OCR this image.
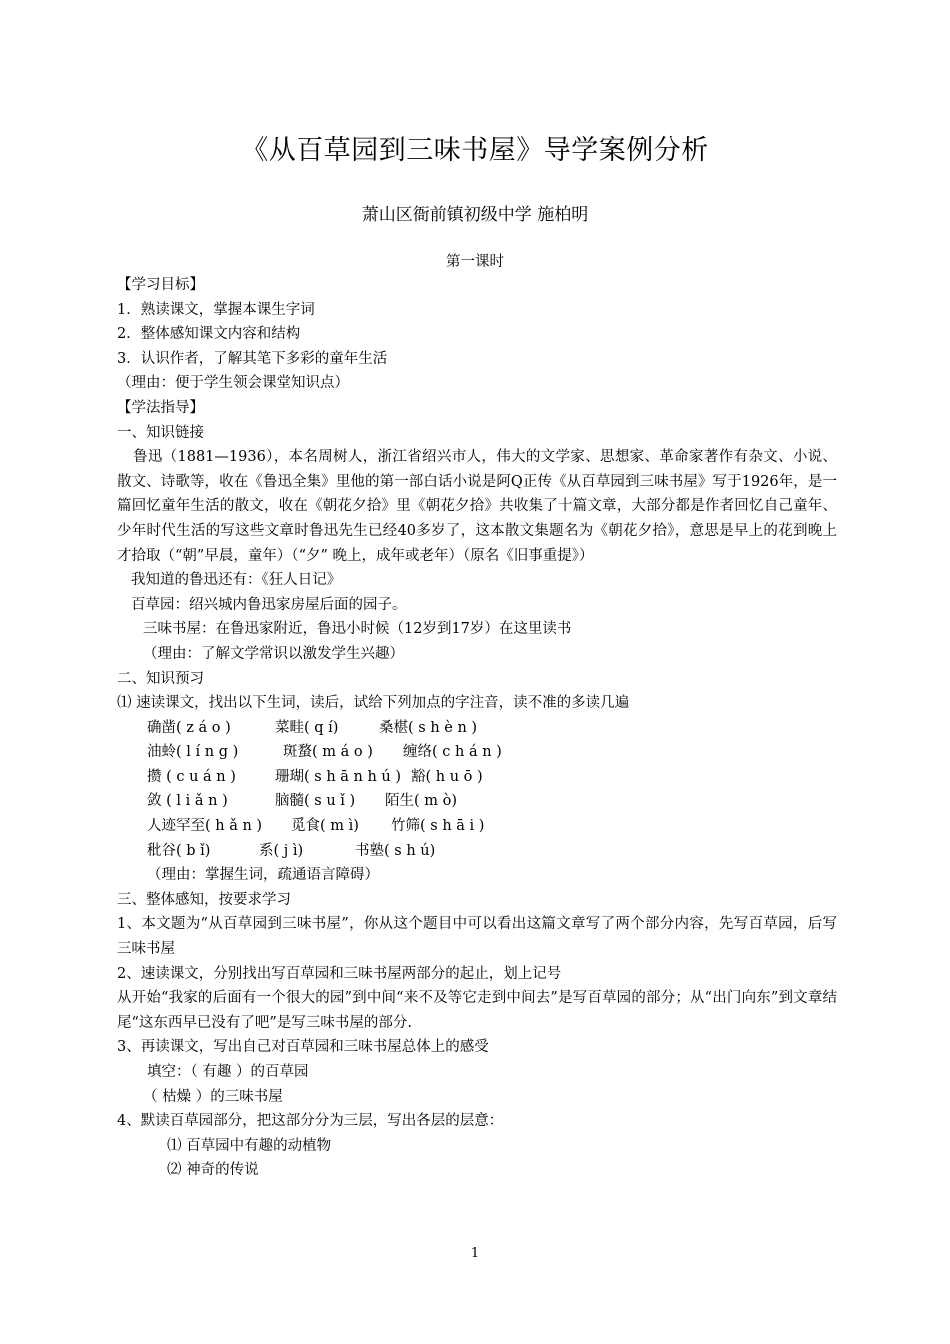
《从百草园到三味书屋》导学案例分析
萧山区衙前镇初级中学 施柏明
第一课时
【学习目标】
1．熟读课文，掌握本课生字词
2．整体感知课文内容和结构
3．认识作者，了解其笔下多彩的童年生活
（理由：便于学生领会课堂知识点）
【学法指导】
一、知识链接
鲁迅（1881—1936），本名周树人，浙江省绍兴市人，伟大的文学家、思想家、革命家著作有杂文、小说、散文、诗歌等，收在《鲁迅全集》里他的第一部白话小说是阿Q正传《从百草园到三味书屋》写于1926年，是一篇回忆童年生活的散文，收在《朝花夕拾》里《朝花夕拾》共收集了十篇文章，大部分都是作者回忆自己童年、少年时代生活的写这些文章时鲁迅先生已经40多岁了，这本散文集题名为《朝花夕拾》，意思是早上的花到晚上才拾取（“朝”早晨，童年）（“夕” 晚上，成年或老年）（原名《旧事重提》）
我知道的鲁迅还有：《狂人日记》
百草园：绍兴城内鲁迅家房屋后面的园子。
三味书屋：在鲁迅家附近，鲁迅小时候（12岁到17岁）在这里读书
（理由：了解文学常识以激发学生兴趣）
二、知识预习
⑴ 速读课文，找出以下生词，读后，试给下列加点的字注音，读不准的多读几遍
确凿( z á o )	菜畦( q í)	桑椹( s h è n )
油蛉( l í n g )	斑蝥( m á o )	缠络( c h á n )
攒 ( c u á n )	珊瑚( s h ā n h ú ) 豁( h u ō )
敛 ( l i ǎ n )	脑髓( s u ǐ )	陌生( m ò)
人迹罕至( h ǎ n )	觅食( m ì)	竹筛( s h ā i )
秕谷( b ǐ)	系( j ì)	书塾( s h ú)
（理由：掌握生词，疏通语言障碍）
三、整体感知，按要求学习
1、本文题为“从百草园到三味书屋”，你从这个题目中可以看出这篇文章写了两个部分内容，先写百草园，后写三味书屋
2、速读课文，分别找出写百草园和三味书屋两部分的起止，划上记号
从开始“我家的后面有一个很大的园”到中间“来不及等它走到中间去”是写百草园的部分；从“出门向东”到文章结尾“这东西早已没有了吧”是写三味书屋的部分.
3、再读课文，写出自己对百草园和三味书屋总体上的感受
填空：（ 有趣 ）的百草园
（ 枯燥 ）的三味书屋
4、默读百草园部分，把这部分分为三层，写出各层的层意：
⑴ 百草园中有趣的动植物
⑵ 神奇的传说
1
